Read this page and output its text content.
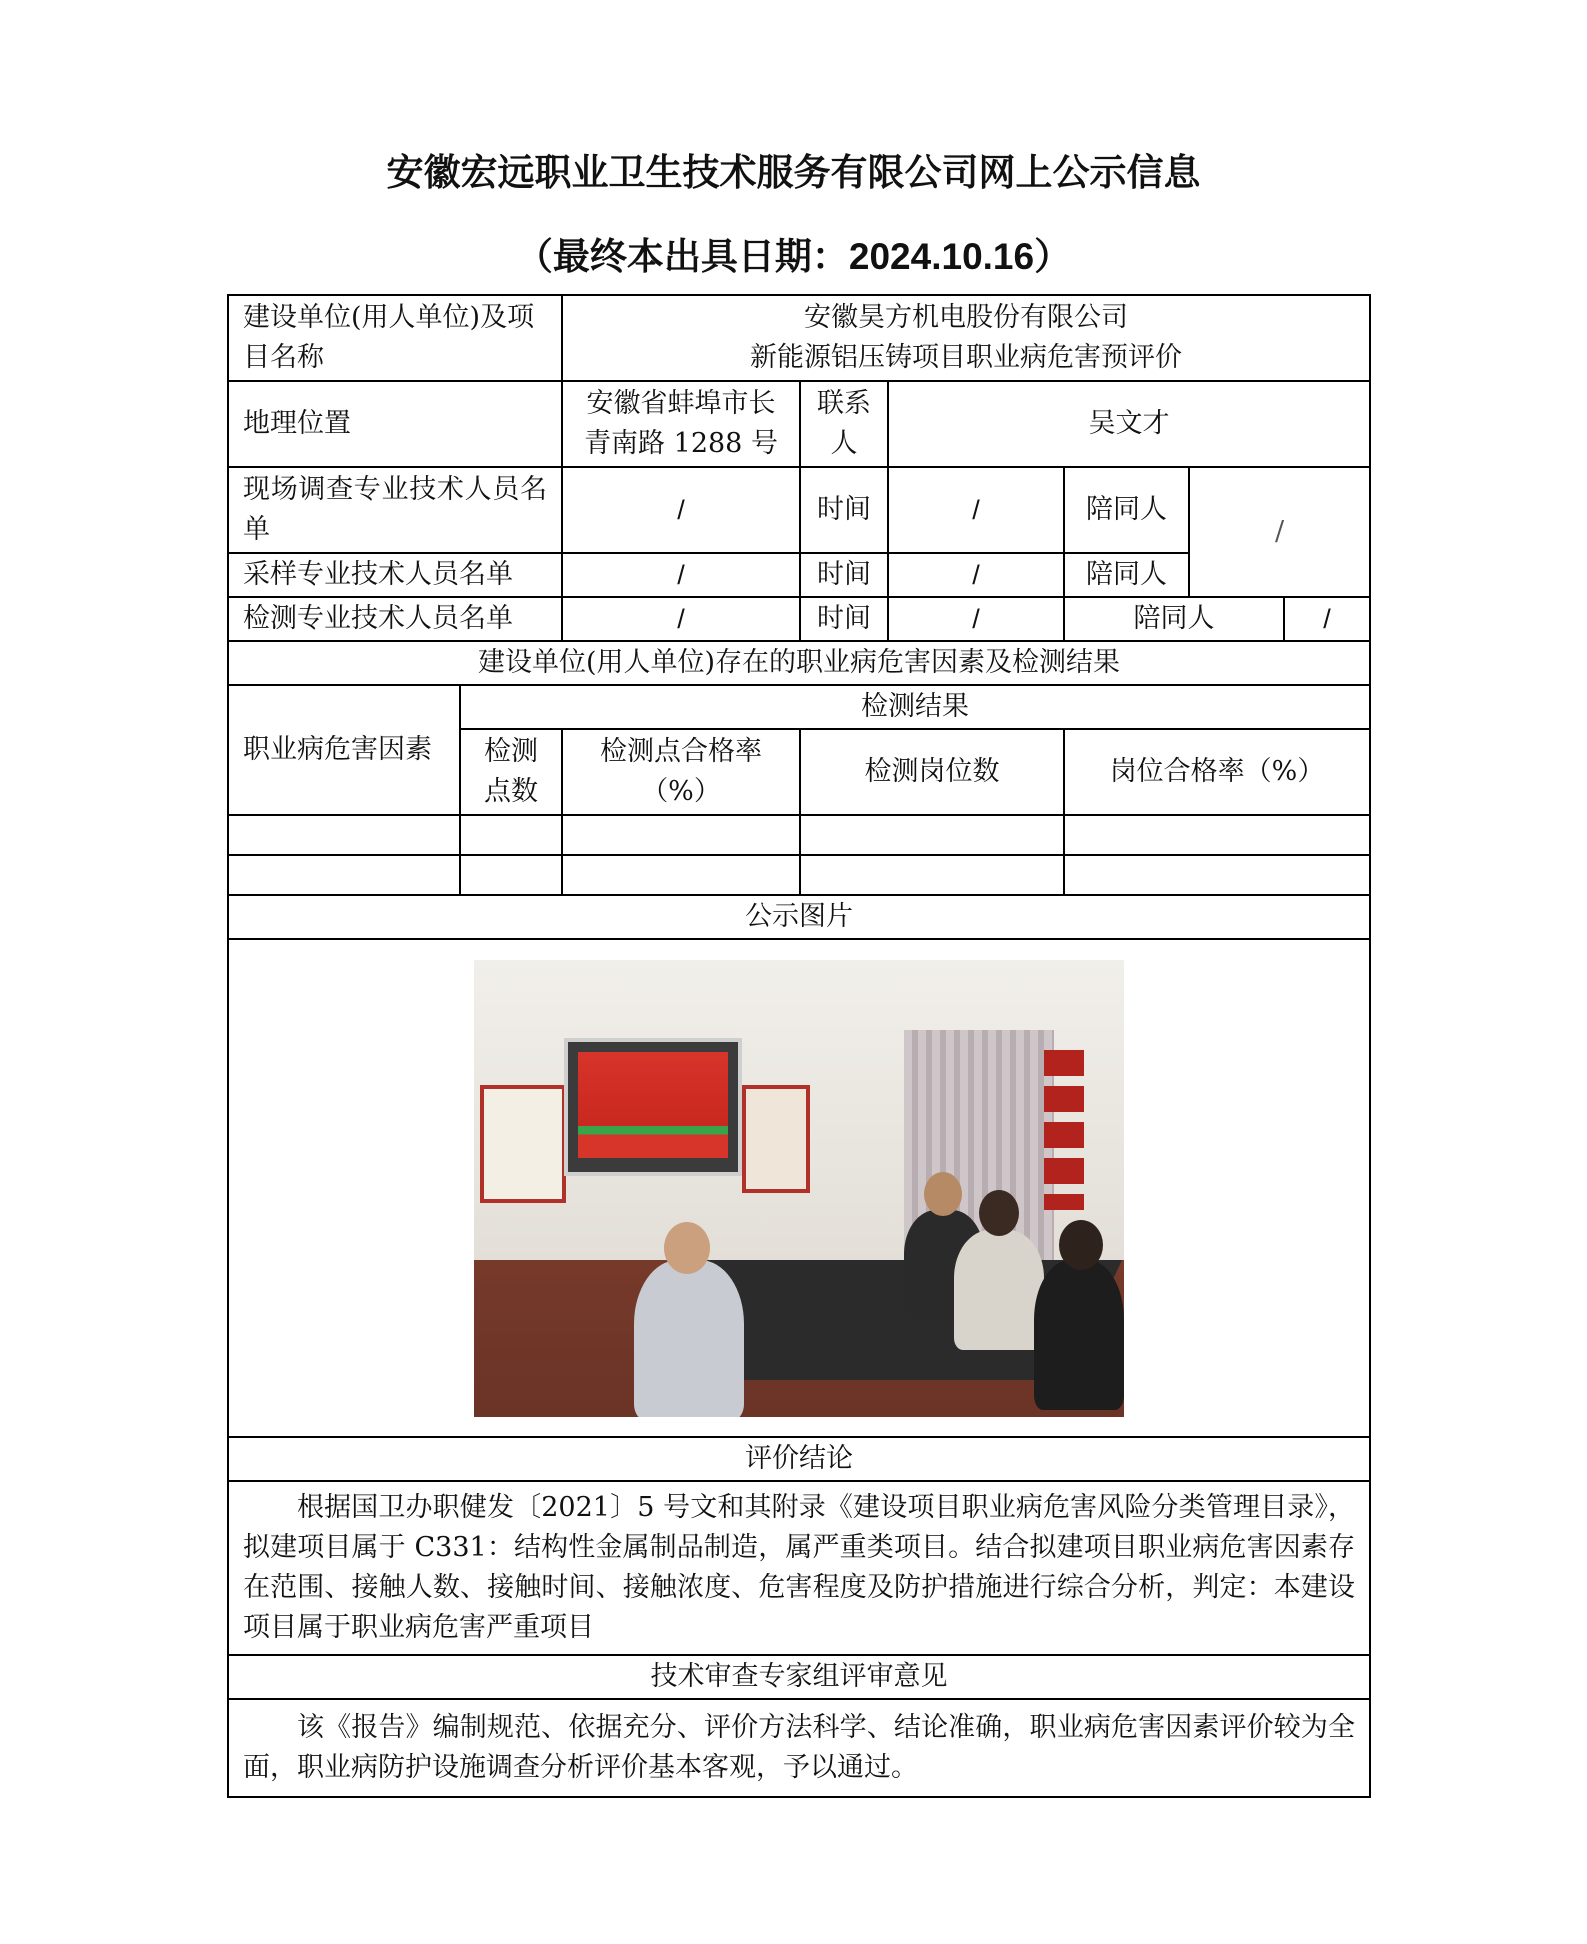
安徽宏远职业卫生技术服务有限公司网上公示信息
（最终本出具日期：2024.10.16）
建设单位(用人单位)及项目名称		安徽昊方机电股份有限公司
新能源铝压铸项目职业病危害预评价					

地理位置		安徽省蚌埠市长青南路 1288 号	联系人	吴文才			
现场调查专业技术人员名单		/	时间	/	陪同人	/	
采样专业技术人员名单		/	时间	/	陪同人		
检测专业技术人员名单		/	时间	/	陪同人		/
建设单位(用人单位)存在的职业病危害因素及检测结果							
职业病危害因素	检测结果						
	检测点数	检测点合格率（%）	检测岗位数		岗位合格率（%）		

公示图片							

评价结论							
根据国卫办职健发〔2021〕5 号文和其附录《建设项目职业病危害风险分类管理目录》，拟建项目属于 C331：结构性金属制品制造，属严重类项目。结合拟建项目职业病危害因素存在范围、接触人数、接触时间、接触浓度、危害程度及防护措施进行综合分析，判定：本建设项目属于职业病危害严重项目							
技术审查专家组评审意见							
该《报告》编制规范、依据充分、评价方法科学、结论准确，职业病危害因素评价较为全面，职业病防护设施调查分析评价基本客观，予以通过。							
